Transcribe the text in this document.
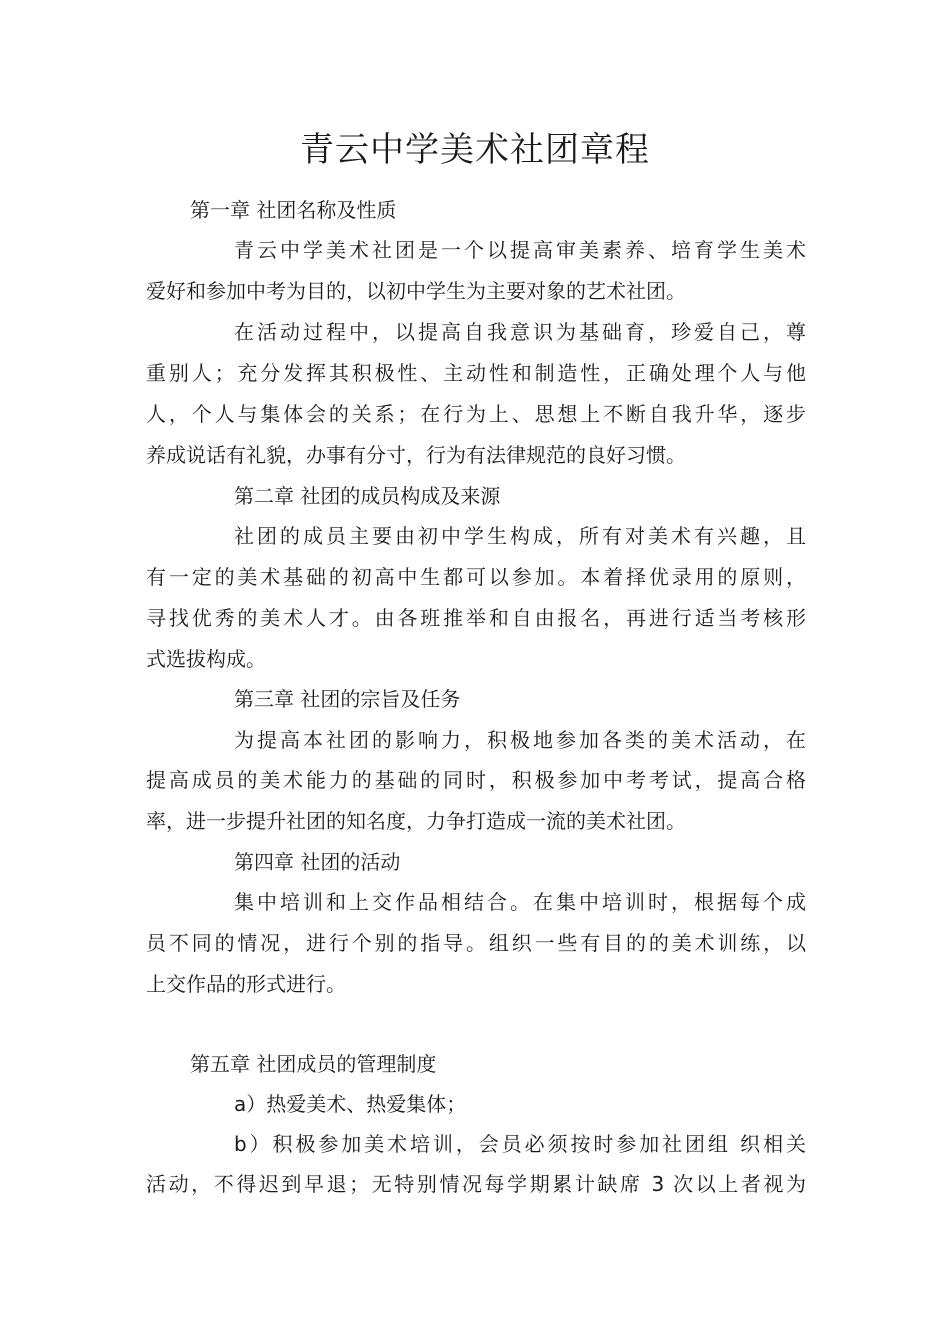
青云中学美术社团章程
第一章 社团名称及性质
青云中学美术社团是一个以提高审美素养、培育学生美术
爱好和参加中考为目的，以初中学生为主要对象的艺术社团。
在活动过程中，以提高自我意识为基础育，珍爱自己，尊
重别人；充分发挥其积极性、主动性和制造性，正确处理个人与他
人，个人与集体会的关系；在行为上、思想上不断自我升华，逐步
养成说话有礼貌，办事有分寸，行为有法律规范的良好习惯。
第二章 社团的成员构成及来源
社团的成员主要由初中学生构成，所有对美术有兴趣，且
有一定的美术基础的初高中生都可以参加。本着择优录用的原则，
寻找优秀的美术人才。由各班推举和自由报名，再进行适当考核形
式选拔构成。
第三章 社团的宗旨及任务
为提高本社团的影响力，积极地参加各类的美术活动，在
提高成员的美术能力的基础的同时，积极参加中考考试，提高合格
率，进一步提升社团的知名度，力争打造成一流的美术社团。
第四章 社团的活动
集中培训和上交作品相结合。在集中培训时，根据每个成
员不同的情况，进行个别的指导。组织一些有目的的美术训练，以
上交作品的形式进行。
第五章 社团成员的管理制度
a）热爱美术、热爱集体；
b）积极参加美术培训，会员必须按时参加社团组 织相关
活动，不得迟到早退；无特别情况每学期累计缺席 3 次以上者视为
